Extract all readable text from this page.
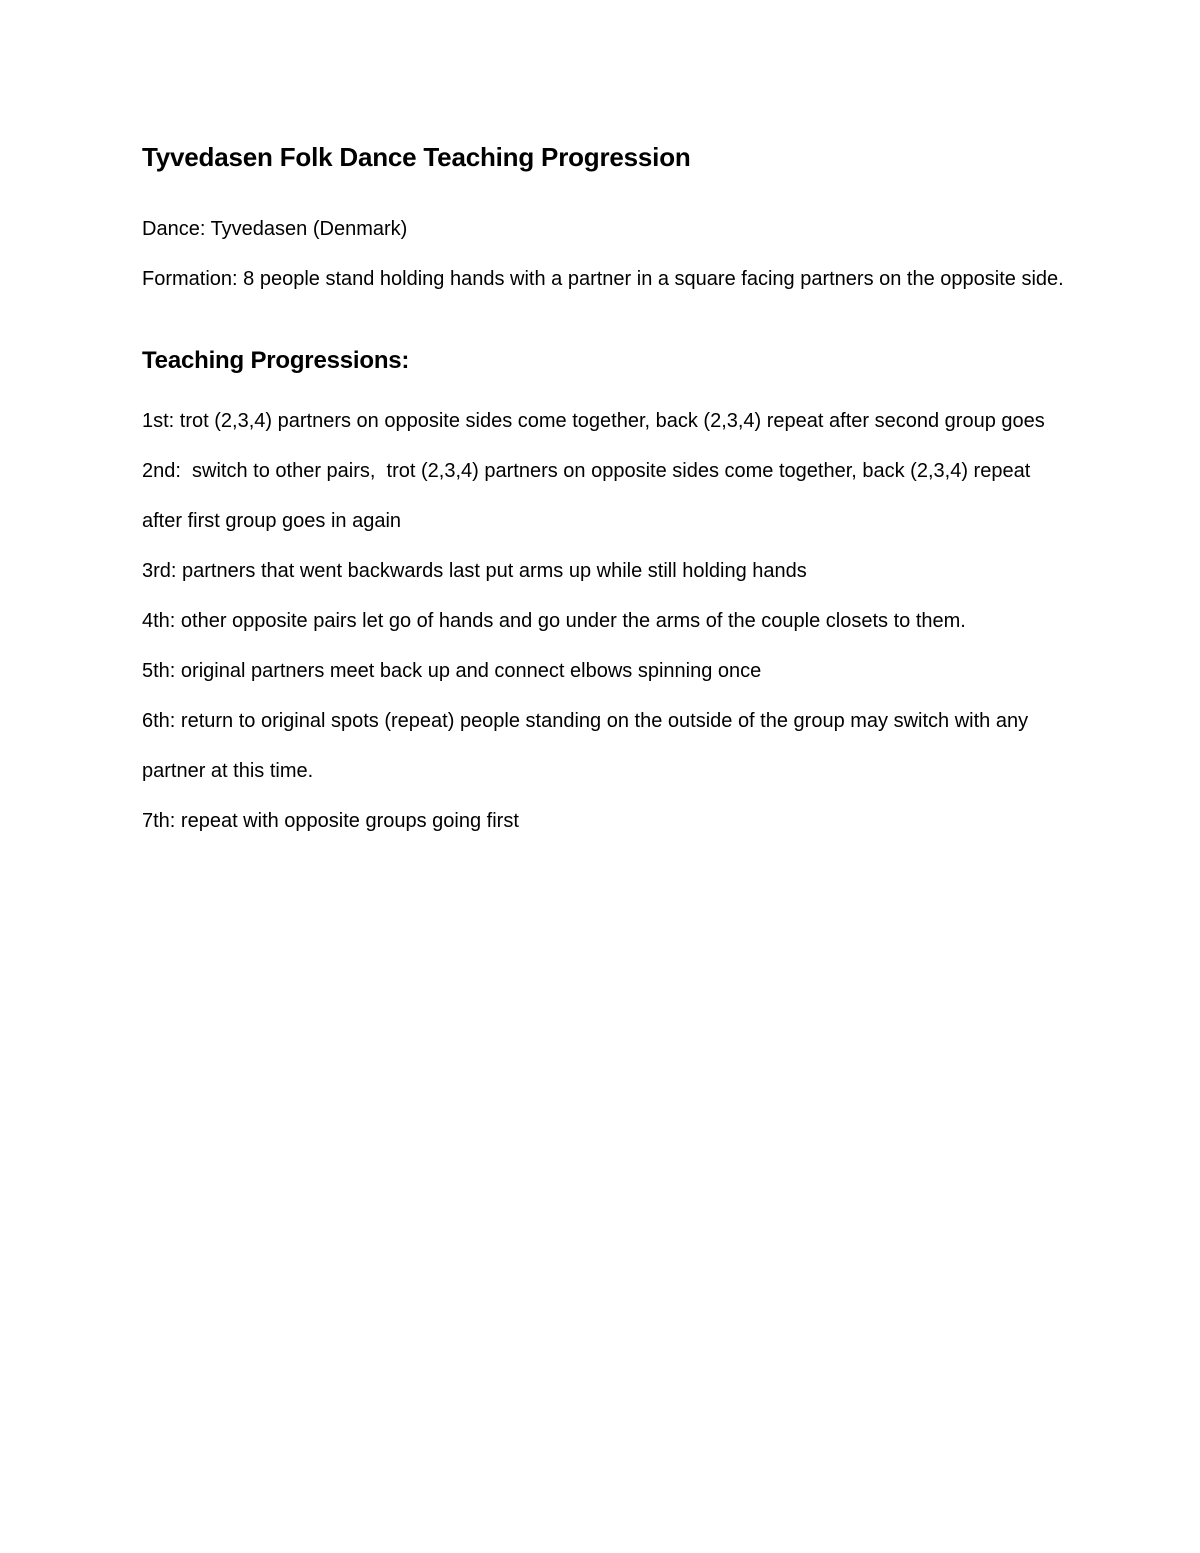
Tyvedasen Folk Dance Teaching Progression

Dance: Tyvedasen (Denmark)

Formation: 8 people stand holding hands with a partner in a square facing partners on the opposite side.

Teaching Progressions:
1st: trot (2,3,4) partners on opposite sides come together, back (2,3,4) repeat after second group goes
2nd:  switch to other pairs,  trot (2,3,4) partners on opposite sides come together, back (2,3,4) repeat after first group goes in again
3rd: partners that went backwards last put arms up while still holding hands
4th: other opposite pairs let go of hands and go under the arms of the couple closets to them.
5th: original partners meet back up and connect elbows spinning once
6th: return to original spots (repeat) people standing on the outside of the group may switch with any partner at this time.
7th: repeat with opposite groups going first
